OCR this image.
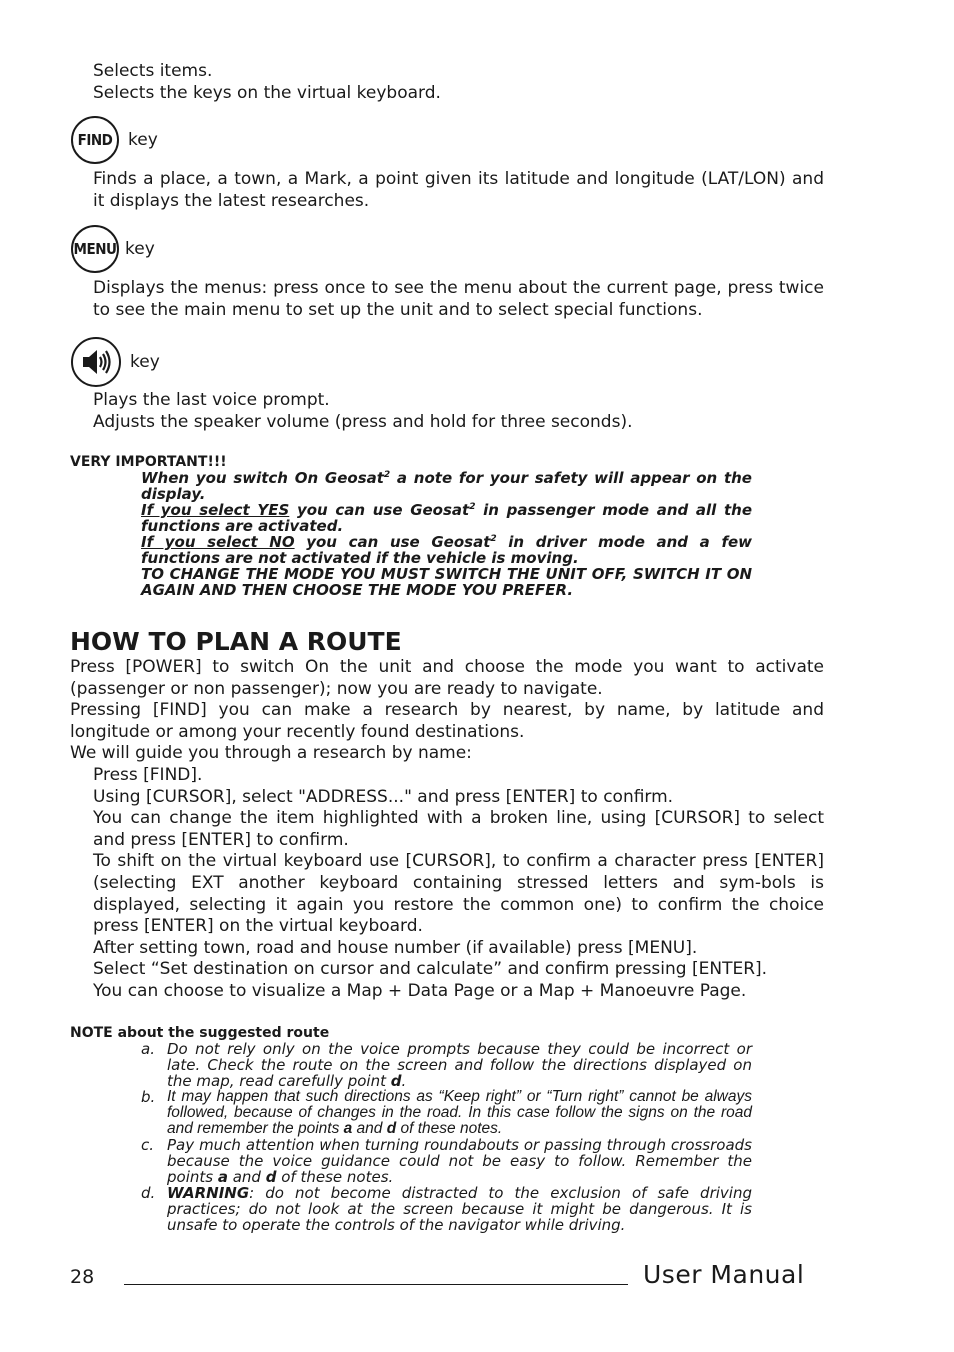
Selects items.
Selects the keys on the virtual keyboard.
FIND key
Finds a place, a town, a Mark, a point given its latitude and longitude (LAT/LON) and it displays the latest researches.
MENU key
Displays the menus: press once to see the menu about the current page, press twice to see the main menu to set up the unit and to select special functions.
key
Plays the last voice prompt.
Adjusts the speaker volume (press and hold for three seconds).
VERY IMPORTANT!!!
When you switch On Geosat$^2$ a note for your safety will appear on the display.
If you select YES you can use Geosat$^2$ in passenger mode and all the functions are activated.
If you select NO you can use Geosat$^2$ in driver mode and a few functions are not activated if the vehicle is moving.
TO CHANGE THE MODE YOU MUST SWITCH THE UNIT OFF, SWITCH IT ON AGAIN AND THEN CHOOSE THE MODE YOU PREFER.
HOW TO PLAN A ROUTE
Press [POWER] to switch On the unit and choose the mode you want to activate (passenger or non passenger); now you are ready to navigate.
Pressing [FIND] you can make a research by nearest, by name, by latitude and longitude or among your recently found destinations.
We will guide you through a research by name:
Press [FIND].
Using [CURSOR], select "ADDRESS..." and press [ENTER] to confirm.
You can change the item highlighted with a broken line, using [CURSOR] to select and press [ENTER] to confirm.
To shift on the virtual keyboard use [CURSOR], to confirm a character press [ENTER] (selecting EXT another keyboard containing stressed letters and sym-bols is displayed, selecting it again you restore the common one) to confirm the choice press [ENTER] on the virtual keyboard.
After setting town, road and house number (if available) press [MENU].
Select “Set destination on cursor and calculate” and confirm pressing [ENTER].
You can choose to visualize a Map + Data Page or a Map + Manoeuvre Page.
NOTE about the suggested route
a. Do not rely only on the voice prompts because they could be incorrect or late. Check the route on the screen and follow the directions displayed on the map, read carefully point d.
b. It may happen that such directions as “Keep right” or “Turn right” cannot be always followed, because of changes in the road. In this case follow the signs on the road and remember the points a and d of these notes.
c. Pay much attention when turning roundabouts or passing through crossroads because the voice guidance could not be easy to follow. Remember the points a and d of these notes.
d. WARNING: do not become distracted to the exclusion of safe driving practices; do not look at the screen because it might be dangerous. It is unsafe to operate the controls of the navigator while driving.
28	User Manual
